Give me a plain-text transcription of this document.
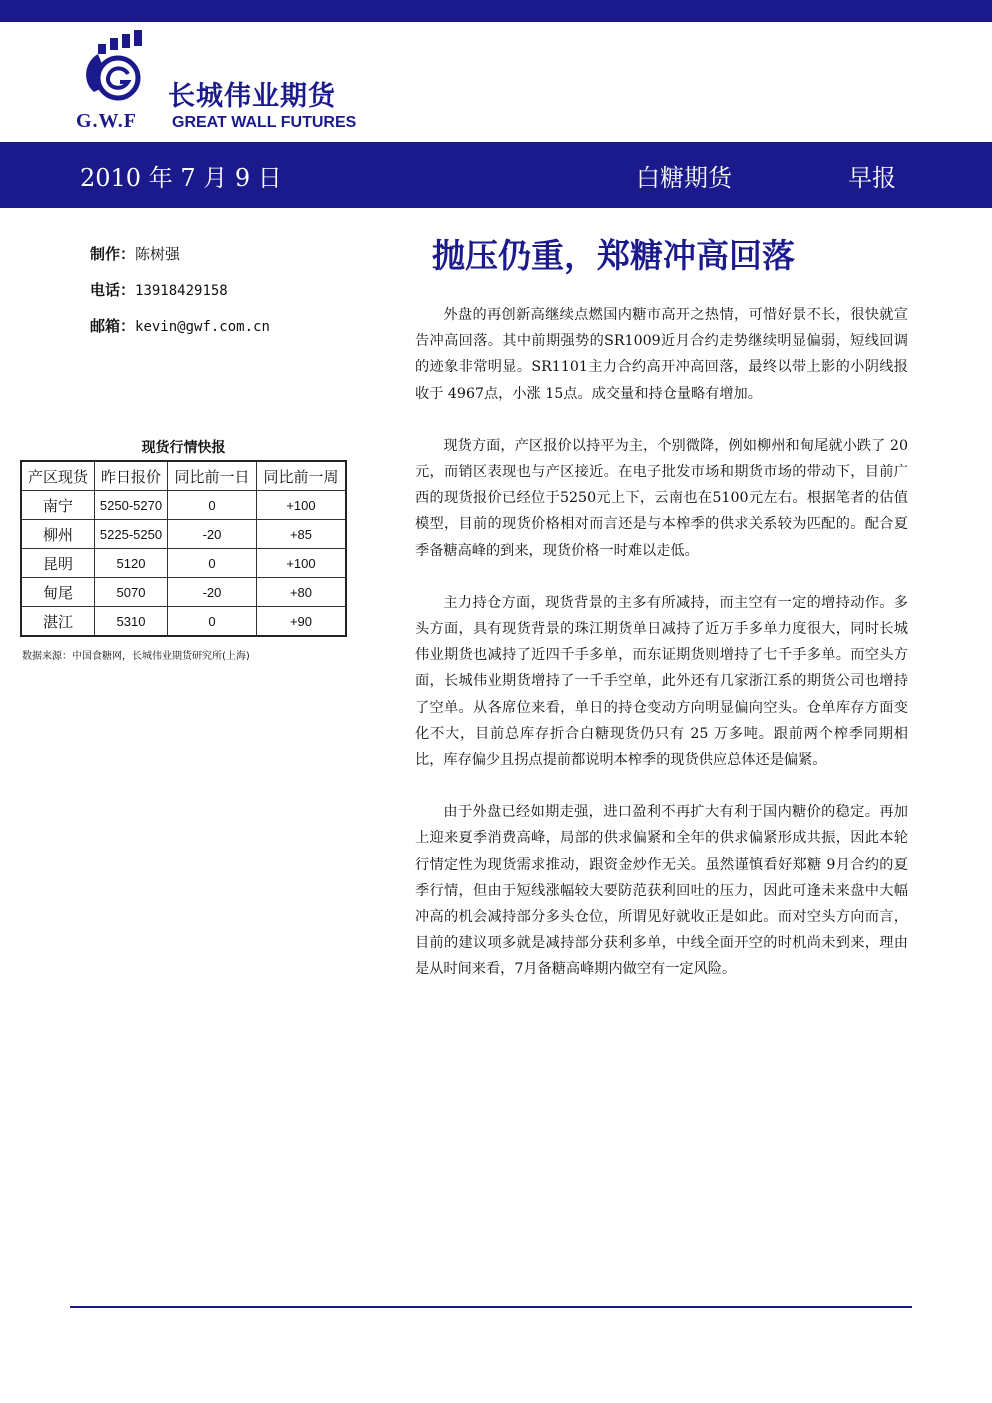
长城伟业期货
G.W.F GREAT WALL FUTURES
2010 年 7 月 9 日	白糖期货	早报
制作：陈树强
电话：13918429158
邮箱：kevin@gwf.com.cn
抛压仍重，郑糖冲高回落
现货行情快报
产区现货	昨日报价	同比前一日	同比前一周
南宁	5250-5270	0	+100
柳州	5225-5250	-20	+85
昆明	5120	0	+100
甸尾	5070	-20	+80
湛江	5310	0	+90
数据来源：中国食糖网，长城伟业期货研究所(上海)

外盘的再创新高继续点燃国内糖市高开之热情，可惜好景不长，很快就宣告冲高回落。其中前期强势的SR1009近月合约走势继续明显偏弱，短线回调的迹象非常明显。SR1101主力合约高开冲高回落，最终以带上影的小阴线报收于 4967点，小涨 15点。成交量和持仓量略有增加。

现货方面，产区报价以持平为主，个别微降，例如柳州和甸尾就小跌了 20元，而销区表现也与产区接近。在电子批发市场和期货市场的带动下，目前广西的现货报价已经位于5250元上下，云南也在5100元左右。根据笔者的估值模型，目前的现货价格相对而言还是与本榨季的供求关系较为匹配的。配合夏季备糖高峰的到来，现货价格一时难以走低。

主力持仓方面，现货背景的主多有所减持，而主空有一定的增持动作。多头方面，具有现货背景的珠江期货单日减持了近万手多单力度很大，同时长城伟业期货也减持了近四千手多单，而东证期货则增持了七千手多单。而空头方面，长城伟业期货增持了一千手空单，此外还有几家浙江系的期货公司也增持了空单。从各席位来看，单日的持仓变动方向明显偏向空头。仓单库存方面变化不大，目前总库存折合白糖现货仍只有 25 万多吨。跟前两个榨季同期相比，库存偏少且拐点提前都说明本榨季的现货供应总体还是偏紧。

由于外盘已经如期走强，进口盈利不再扩大有利于国内糖价的稳定。再加上迎来夏季消费高峰，局部的供求偏紧和全年的供求偏紧形成共振，因此本轮行情定性为现货需求推动，跟资金炒作无关。虽然谨慎看好郑糖 9月合约的夏季行情，但由于短线涨幅较大要防范获利回吐的压力，因此可逢未来盘中大幅冲高的机会减持部分多头仓位，所谓见好就收正是如此。而对空头方向而言，目前的建议项多就是减持部分获利多单，中线全面开空的时机尚未到来，理由是从时间来看，7月备糖高峰期内做空有一定风险。
